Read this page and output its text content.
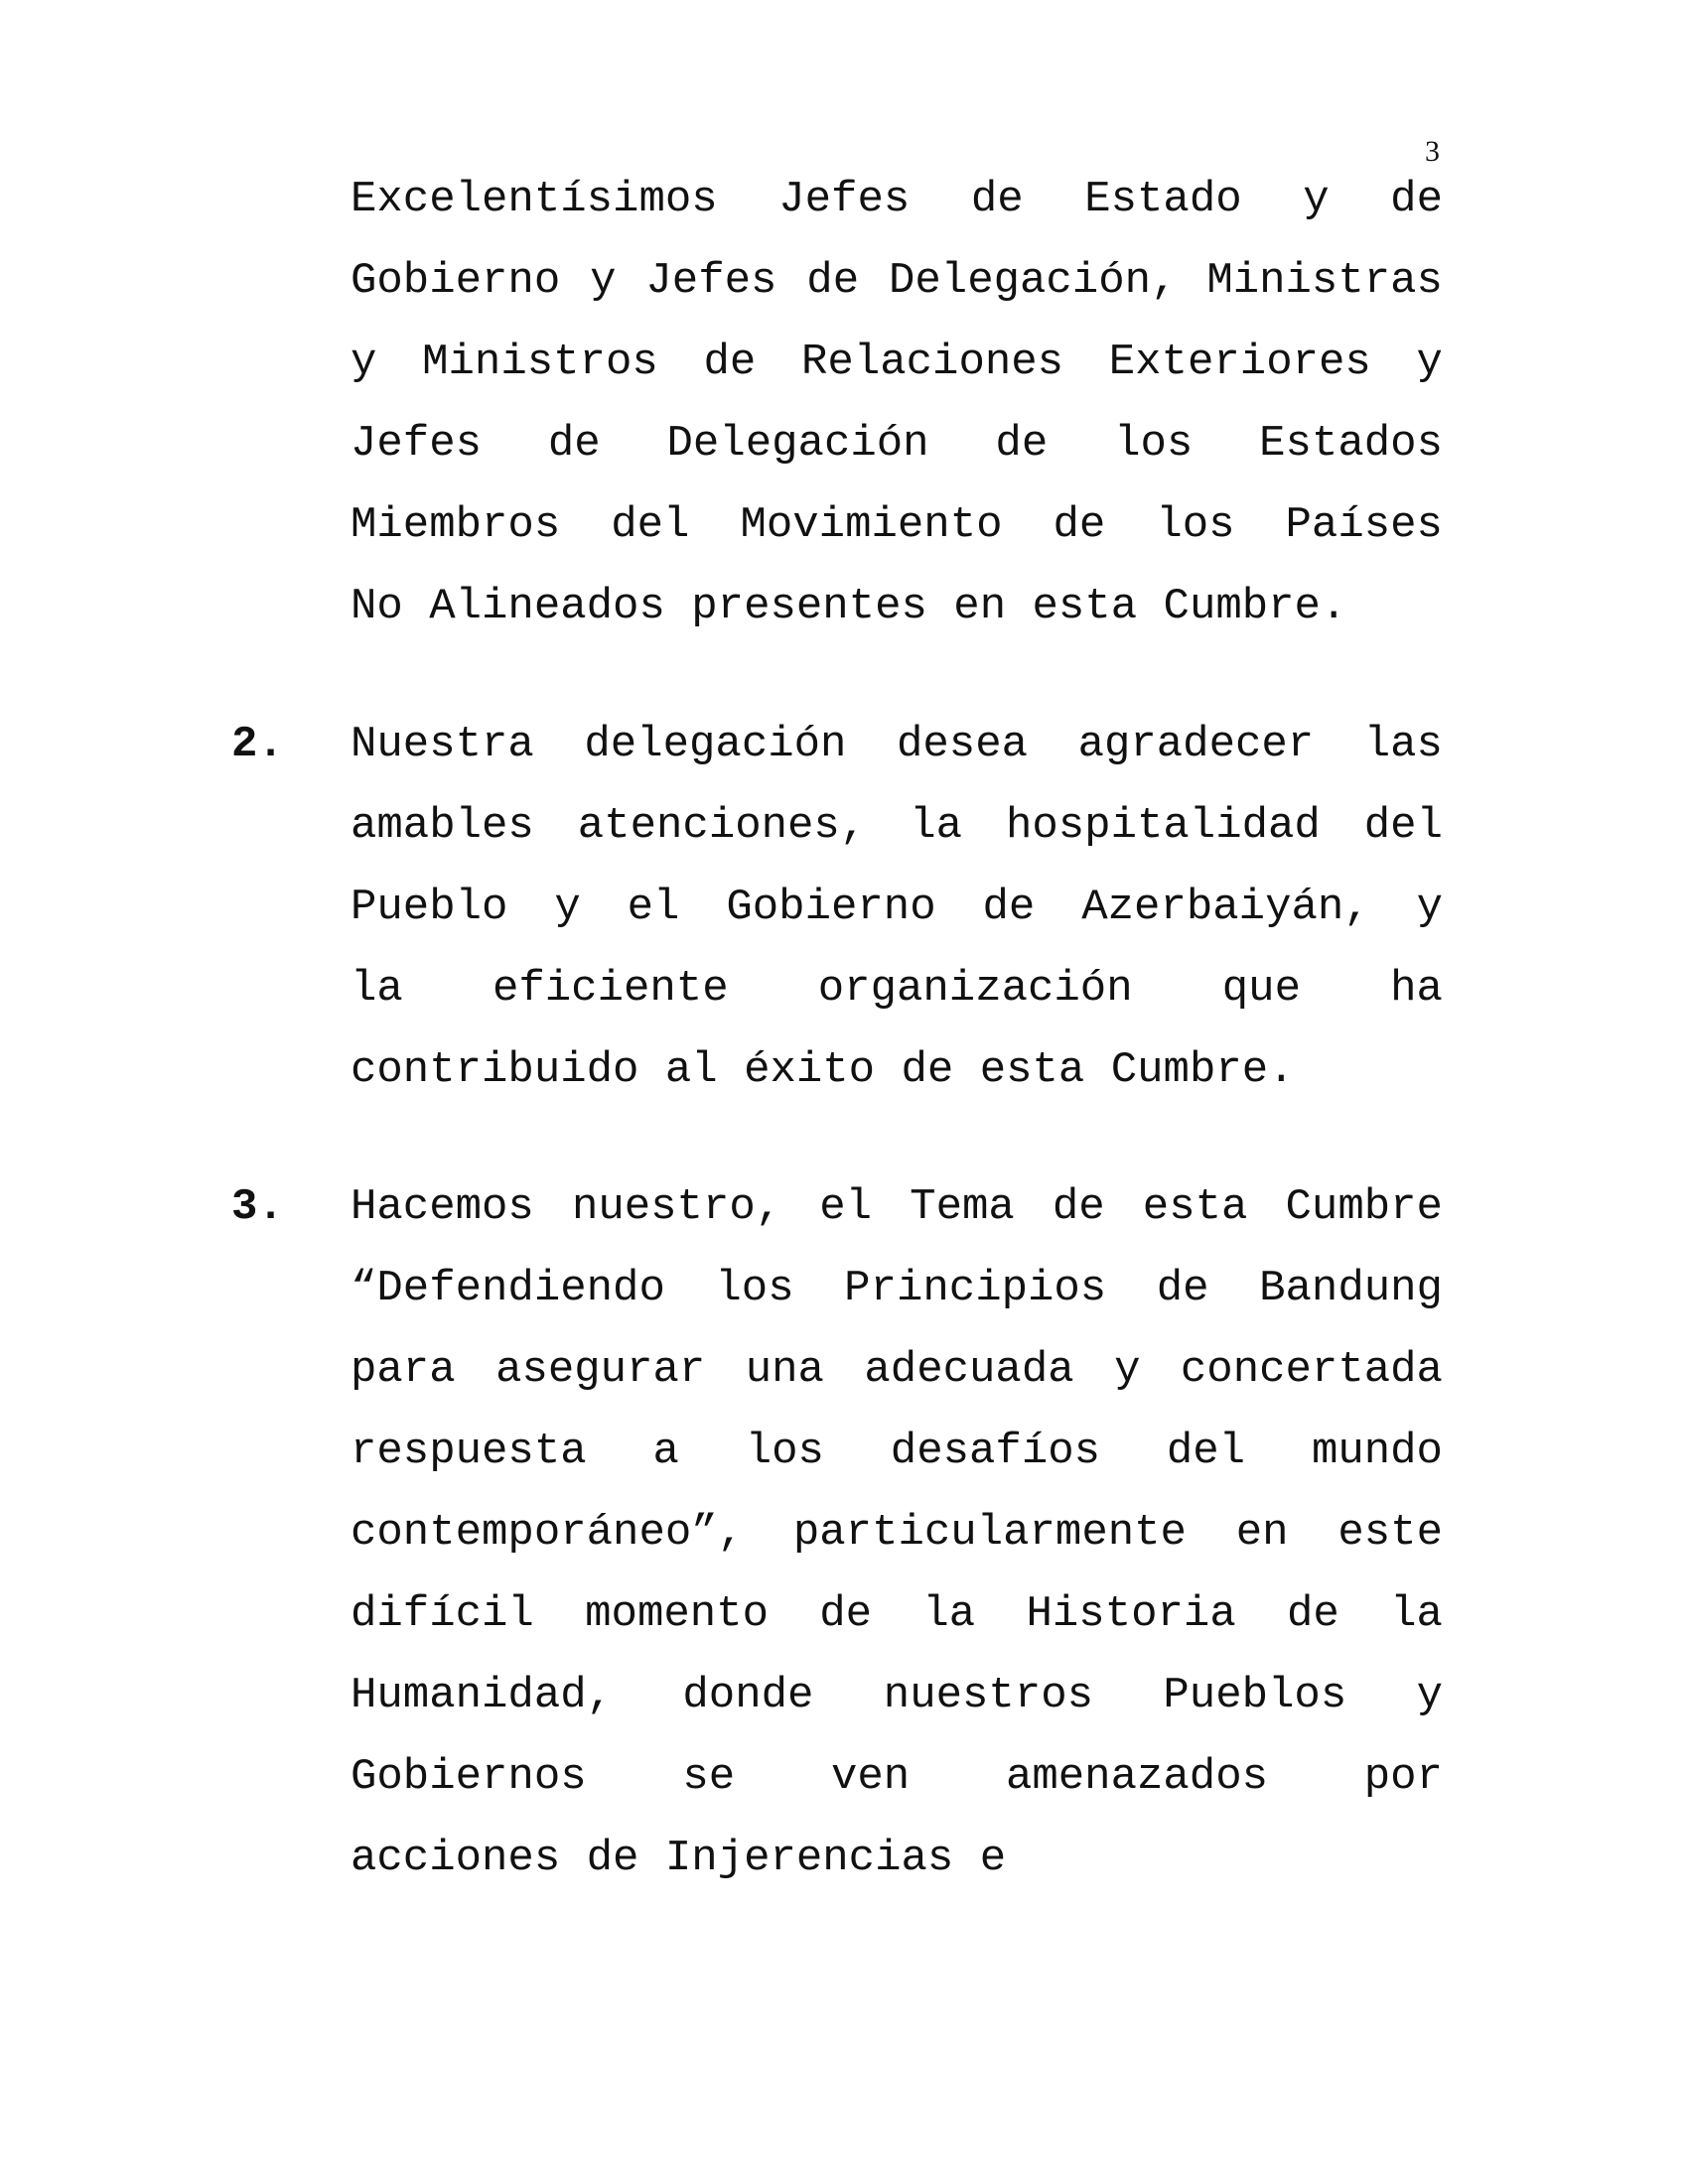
3
Excelentísimos Jefes de Estado y de
Gobierno y Jefes de Delegación, Ministras
y Ministros de Relaciones Exteriores y
Jefes de Delegación de los Estados
Miembros del Movimiento de los Países
No Alineados presentes en esta Cumbre.
2. Nuestra delegación desea agradecer las
amables atenciones, la hospitalidad del
Pueblo y el Gobierno de Azerbaiyán, y
la eficiente organización que ha
contribuido al éxito de esta Cumbre.
3. Hacemos nuestro, el Tema de esta Cumbre
“Defendiendo los Principios de Bandung
para asegurar una adecuada y concertada
respuesta a los desafíos del mundo
contemporáneo”, particularmente en este
difícil momento de la Historia de la
Humanidad, donde nuestros Pueblos y
Gobiernos se ven amenazados por
acciones de Injerencias e
